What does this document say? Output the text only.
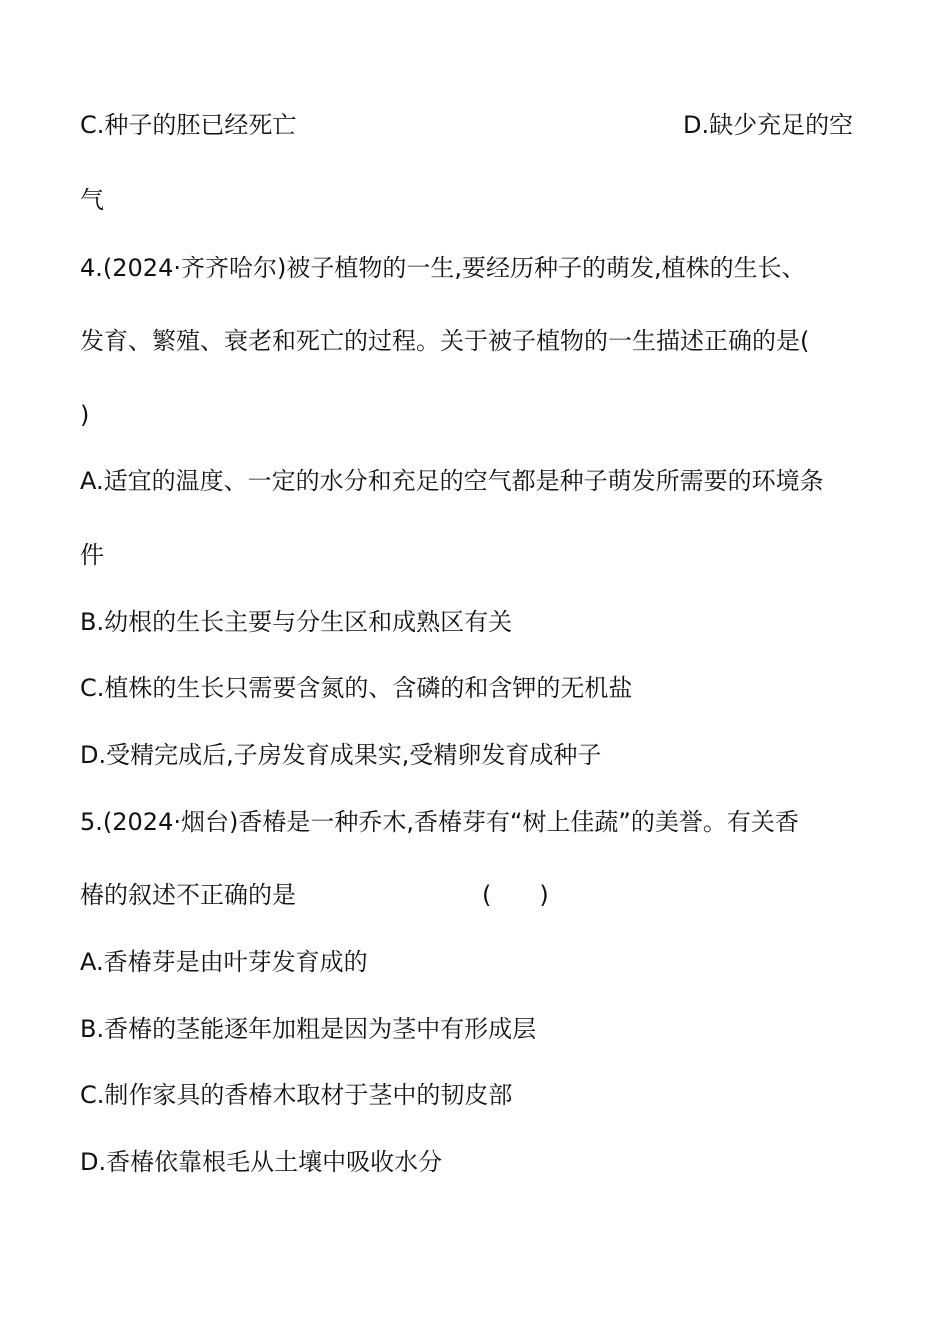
C.种子的胚已经死亡	D.缺少充足的空
气
4.(2024·齐齐哈尔)被子植物的一生,要经历种子的萌发,植株的生长、
发育、繁殖、衰老和死亡的过程。关于被子植物的一生描述正确的是(
)
A.适宜的温度、一定的水分和充足的空气都是种子萌发所需要的环境条
件
B.幼根的生长主要与分生区和成熟区有关
C.植株的生长只需要含氮的、含磷的和含钾的无机盐
D.受精完成后,子房发育成果实,受精卵发育成种子
5.(2024·烟台)香椿是一种乔木,香椿芽有“树上佳蔬”的美誉。有关香
椿的叙述不正确的是	(　　)
A.香椿芽是由叶芽发育成的
B.香椿的茎能逐年加粗是因为茎中有形成层
C.制作家具的香椿木取材于茎中的韧皮部
D.香椿依靠根毛从土壤中吸收水分
